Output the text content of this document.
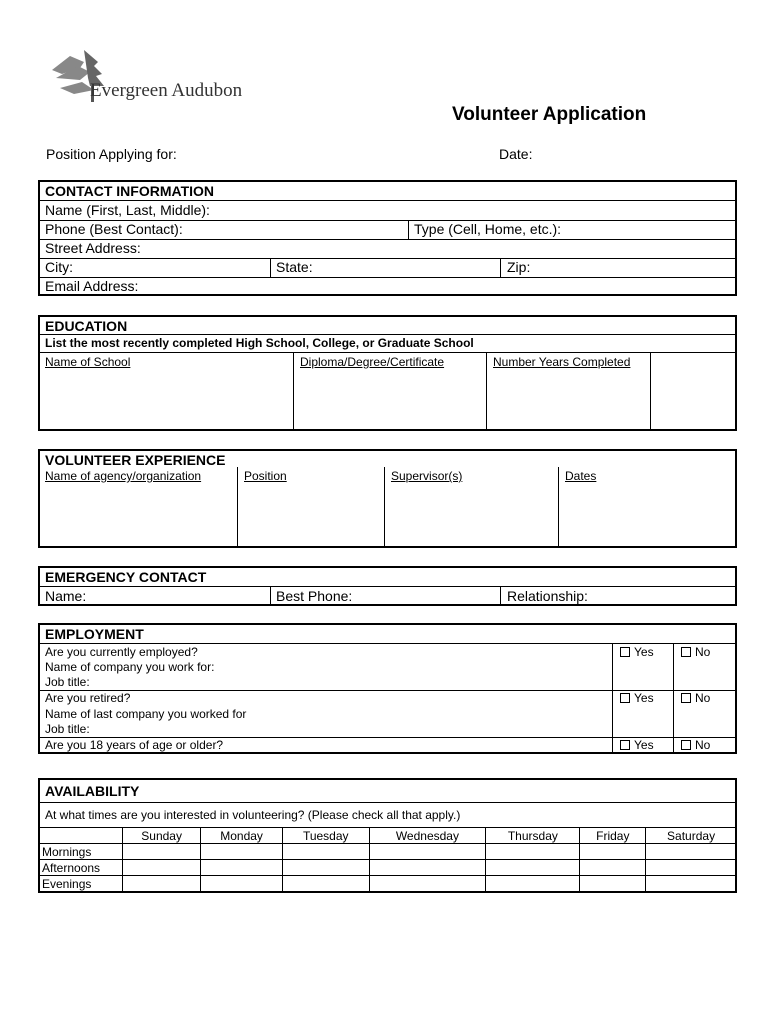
Evergreen Audubon
Volunteer Application
Position Applying for:	Date:
CONTACT INFORMATION
Name (First, Last, Middle):
Phone (Best Contact):	Type (Cell, Home, etc.):
Street Address:
City:	State:	Zip:
Email Address:
EDUCATION
List the most recently completed High School, College, or Graduate School
Name of School	Diploma/Degree/Certificate	Number Years Completed
VOLUNTEER EXPERIENCE
Name of agency/organization	Position	Supervisor(s)	Dates
EMERGENCY CONTACT
Name:	Best Phone:	Relationship:
EMPLOYMENT
Are you currently employed?	Yes	No
Name of company you work for:
Job title:
Are you retired?	Yes	No
Name of last company you worked for
Job title:
Are you 18 years of age or older?	Yes	No
AVAILABILITY
At what times are you interested in volunteering? (Please check all that apply.)
	Sunday	Monday	Tuesday	Wednesday	Thursday	Friday	Saturday
Mornings							
Afternoons							
Evenings							
